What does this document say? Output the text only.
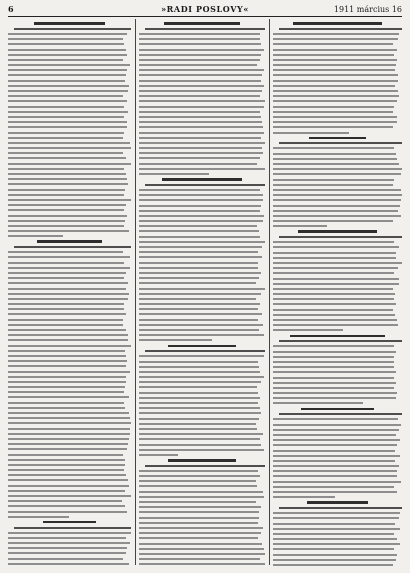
6	»RADI POSLOVY«	1911 március 16
